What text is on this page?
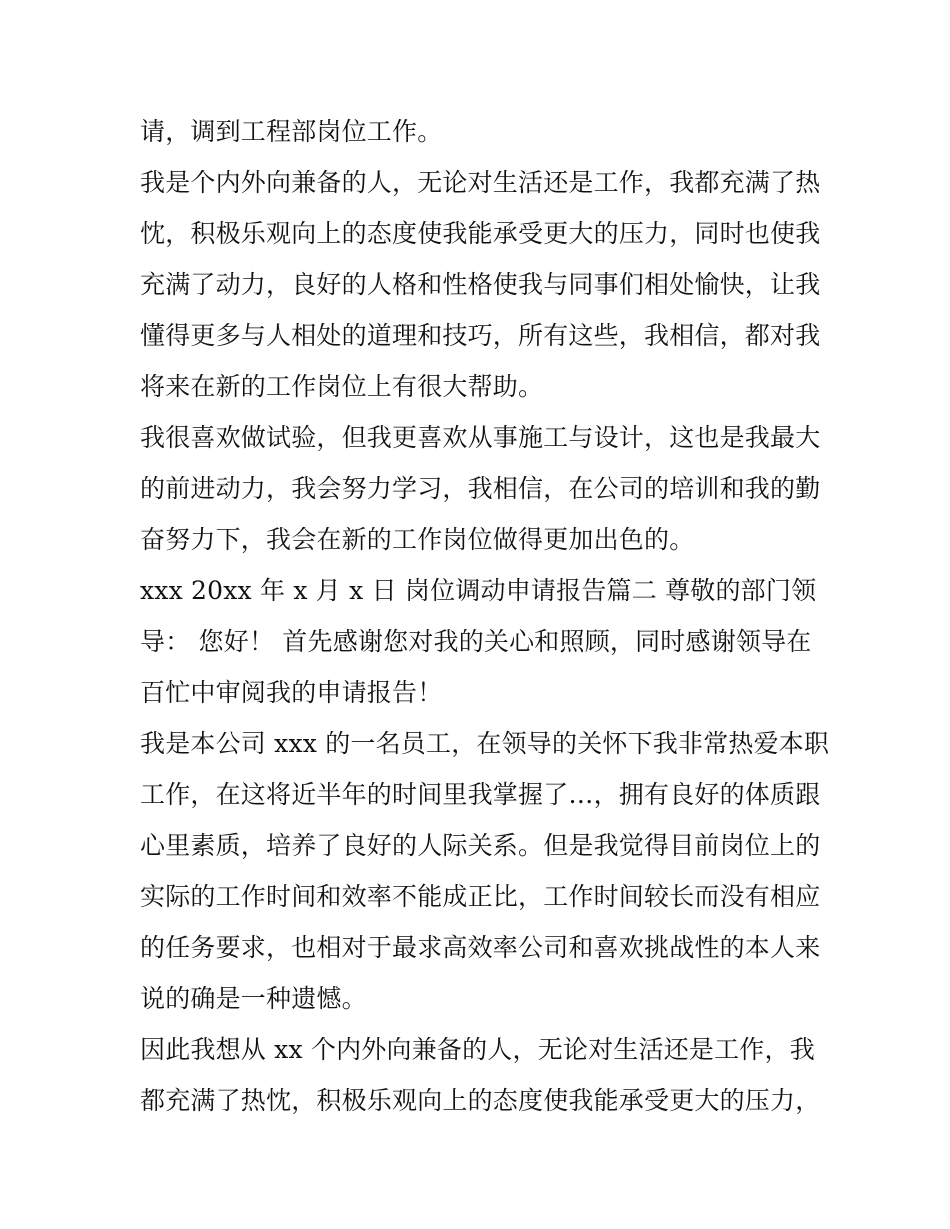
请，调到工程部岗位工作。
我是个内外向兼备的人，无论对生活还是工作，我都充满了热
忱，积极乐观向上的态度使我能承受更大的压力，同时也使我
充满了动力，良好的人格和性格使我与同事们相处愉快，让我
懂得更多与人相处的道理和技巧，所有这些，我相信，都对我
将来在新的工作岗位上有很大帮助。
我很喜欢做试验，但我更喜欢从事施工与设计，这也是我最大
的前进动力，我会努力学习，我相信，在公司的培训和我的勤
奋努力下，我会在新的工作岗位做得更加出色的。
xxx 20xx 年 x 月 x 日 岗位调动申请报告篇二 尊敬的部门领
导： 您好！ 首先感谢您对我的关心和照顾，同时感谢领导在
百忙中审阅我的申请报告！
我是本公司 xxx 的一名员工，在领导的关怀下我非常热爱本职
工作，在这将近半年的时间里我掌握了…，拥有良好的体质跟
心里素质，培养了良好的人际关系。但是我觉得目前岗位上的
实际的工作时间和效率不能成正比，工作时间较长而没有相应
的任务要求，也相对于最求高效率公司和喜欢挑战性的本人来
说的确是一种遗憾。
因此我想从 xx 个内外向兼备的人，无论对生活还是工作，我
都充满了热忱，积极乐观向上的态度使我能承受更大的压力，
